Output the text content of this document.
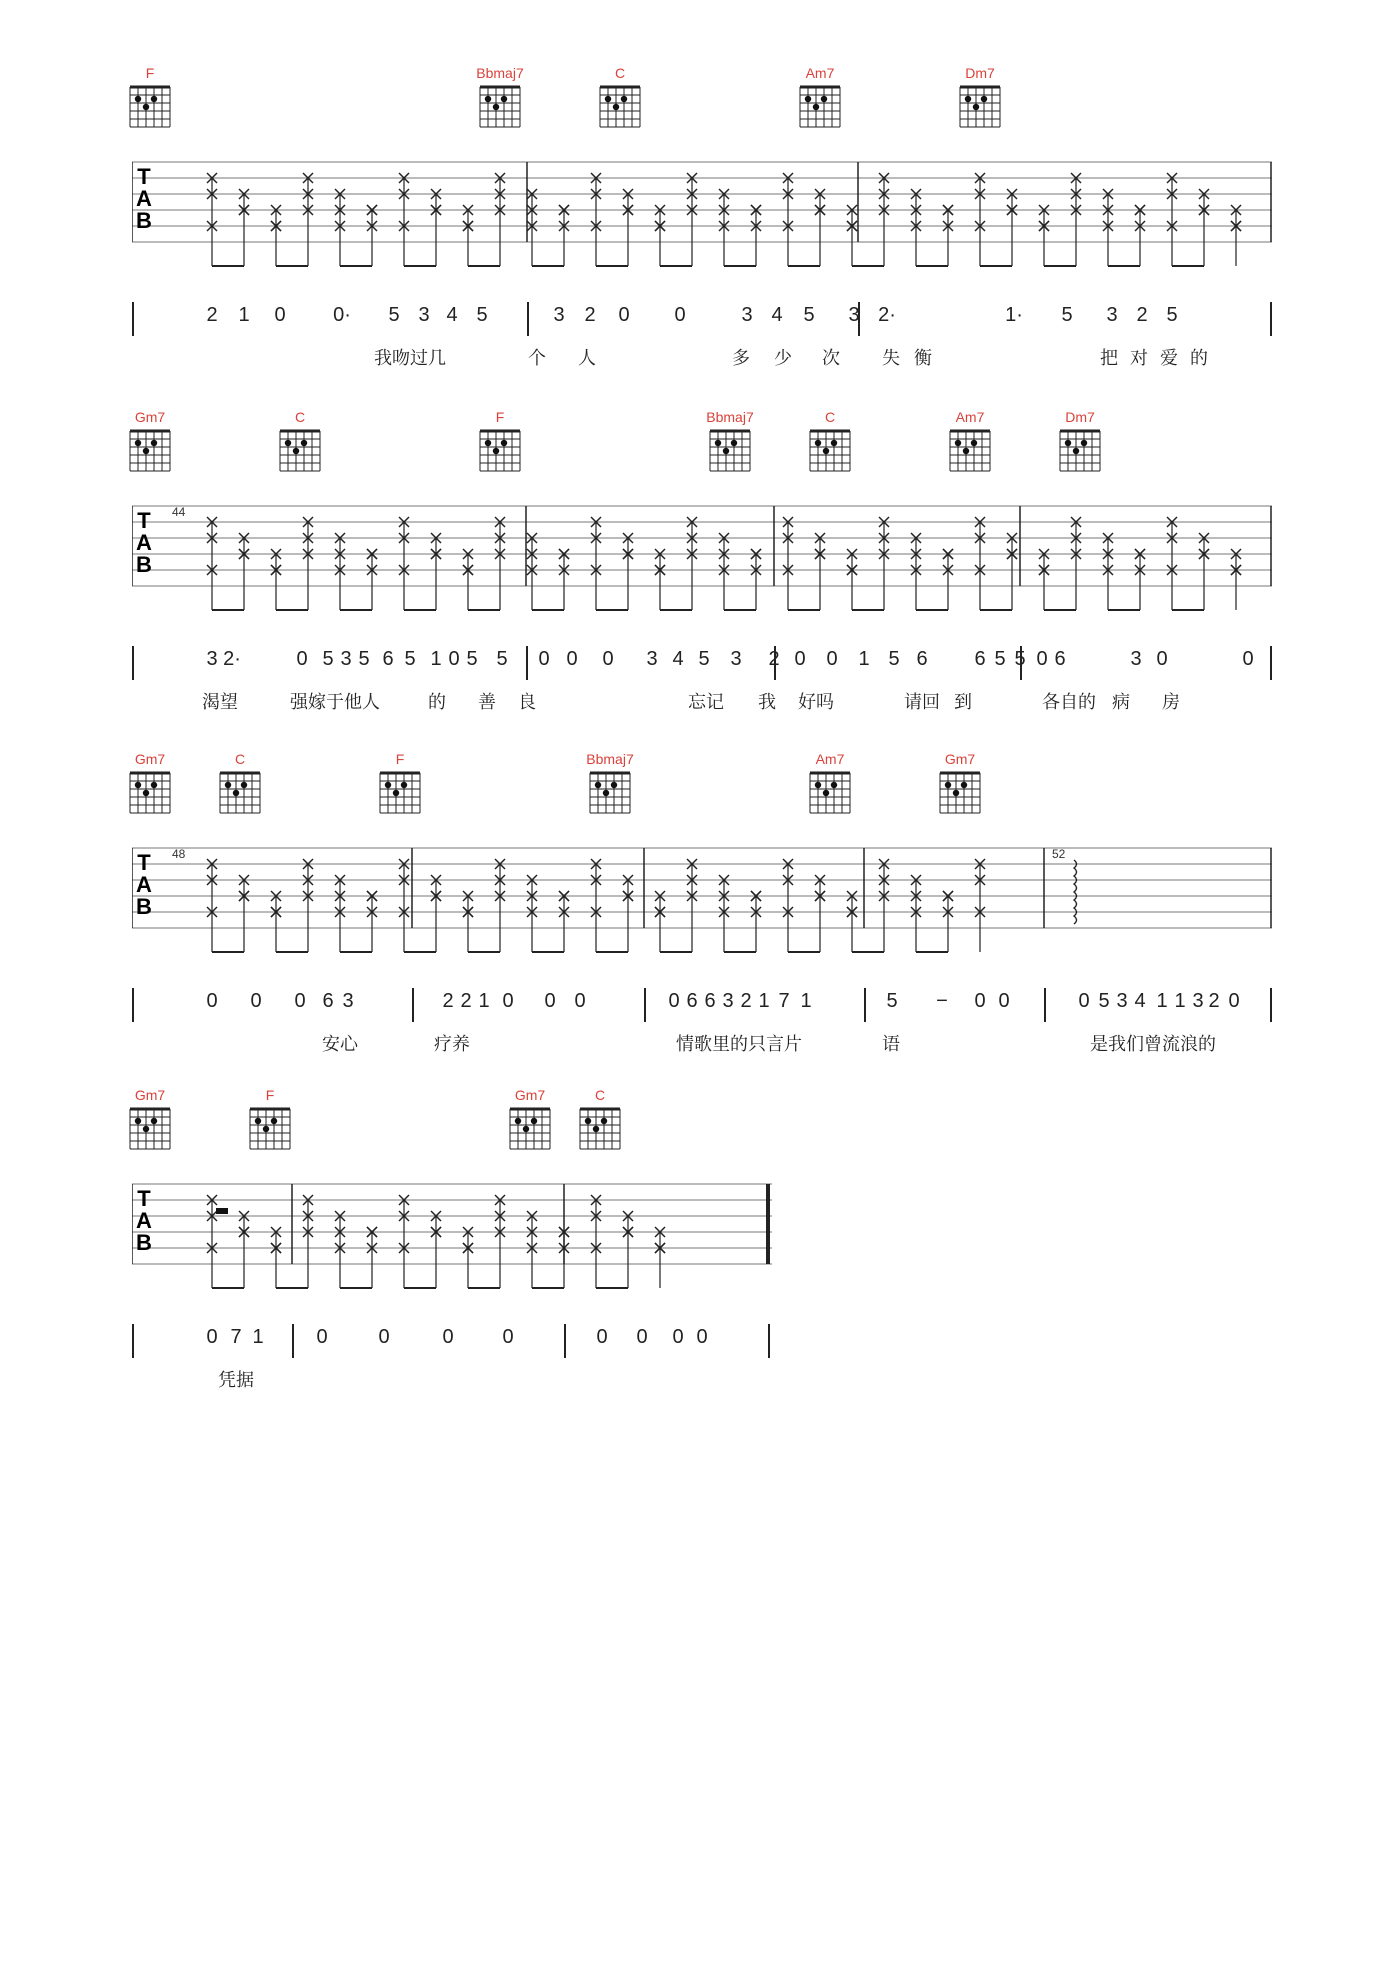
F	Bbmaj7	C	Am7	Dm7
T
A
B
2 1 0 0· 5 3 4 5	3 2 0 0	3 4 5 3 2·	1· 5 3 2 5
我吻过几	个 人	多 少 次 失 衡	把 对 爱 的
Gm7	C	F	Bbmaj7	C	Am7	Dm7
T
A
B
44
3 2·	0 5 3 5 6 5 1 0 5 5 0 0 0 3 4 5 3 2 0 0 1 5 6 6 5 5 0 6	3 0	0
渴望	强嫁于他人	的 善 良	忘记 我 好吗	请回 到	各自的 病 房
Gm7	C	F	Bbmaj7	Am7	Gm7
T
A
B
48	52
0 0 0 6 3	2 2 1 0 0 0	0 6 6 3 2 1 7 1	5 − 0 0	0 5 3 4 1 1 3 2 0
安心	疗养	情歌里的只言片	语	是我们曾流浪的
Gm7	F	Gm7	C
T
A
B
0 7 1	0	0	0 0	0 0 0 0
凭据
